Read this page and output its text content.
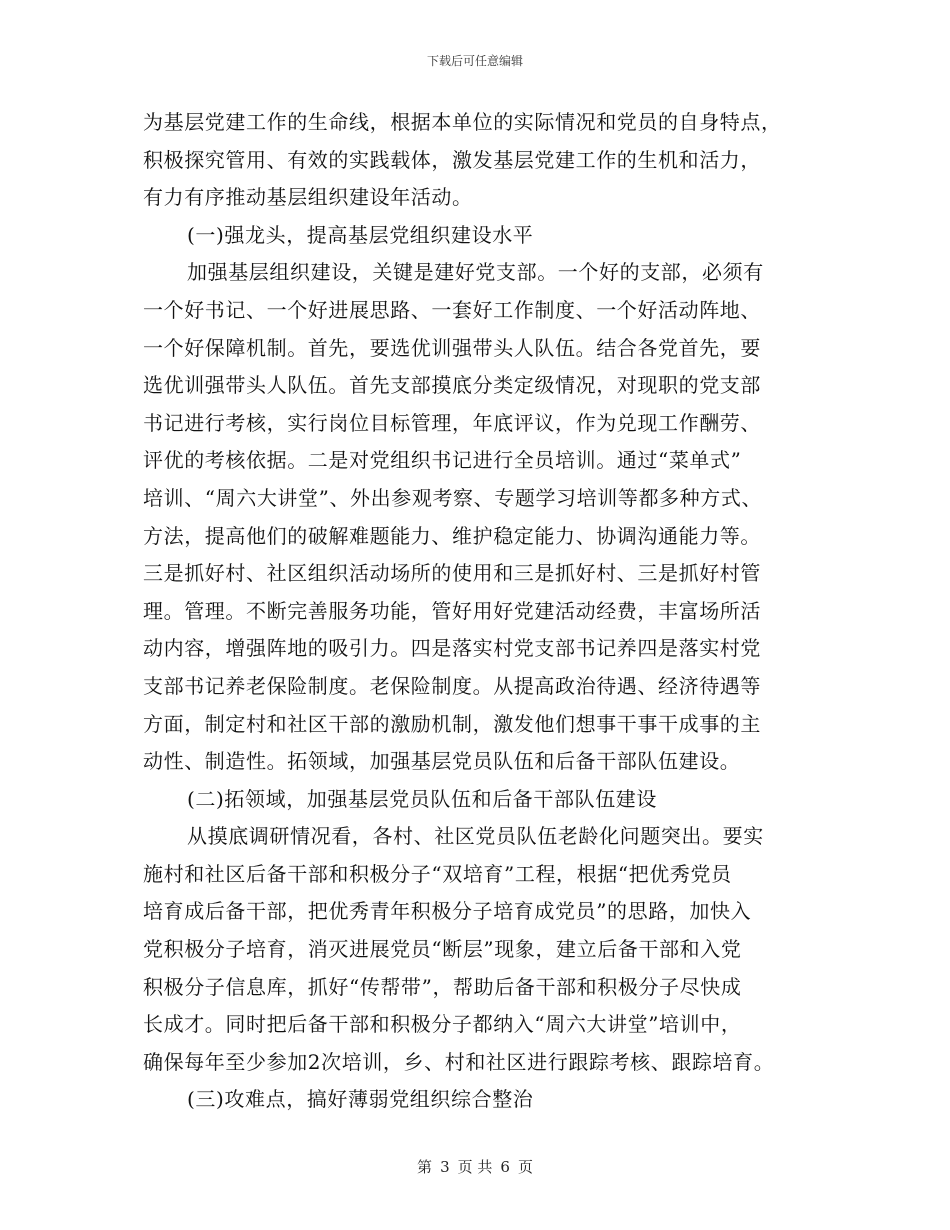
下载后可任意编辑
为基层党建工作的生命线，根据本单位的实际情况和党员的自身特点，
积极探究管用、有效的实践载体，激发基层党建工作的生机和活力，
有力有序推动基层组织建设年活动。
(一)强龙头，提高基层党组织建设水平
加强基层组织建设，关键是建好党支部。一个好的支部，必须有
一个好书记、一个好进展思路、一套好工作制度、一个好活动阵地、
一个好保障机制。首先，要选优训强带头人队伍。结合各党首先，要
选优训强带头人队伍。首先支部摸底分类定级情况，对现职的党支部
书记进行考核，实行岗位目标管理，年底评议，作为兑现工作酬劳、
评优的考核依据。二是对党组织书记进行全员培训。通过“菜单式”
培训、“周六大讲堂”、外出参观考察、专题学习培训等都多种方式、
方法，提高他们的破解难题能力、维护稳定能力、协调沟通能力等。
三是抓好村、社区组织活动场所的使用和三是抓好村、三是抓好村管
理。管理。不断完善服务功能，管好用好党建活动经费，丰富场所活
动内容，增强阵地的吸引力。四是落实村党支部书记养四是落实村党
支部书记养老保险制度。老保险制度。从提高政治待遇、经济待遇等
方面，制定村和社区干部的激励机制，激发他们想事干事干成事的主
动性、制造性。拓领域，加强基层党员队伍和后备干部队伍建设。
(二)拓领域，加强基层党员队伍和后备干部队伍建设
从摸底调研情况看，各村、社区党员队伍老龄化问题突出。要实
施村和社区后备干部和积极分子“双培育”工程，根据“把优秀党员
培育成后备干部，把优秀青年积极分子培育成党员”的思路，加快入
党积极分子培育，消灭进展党员“断层”现象，建立后备干部和入党
积极分子信息库，抓好“传帮带”，帮助后备干部和积极分子尽快成
长成才。同时把后备干部和积极分子都纳入“周六大讲堂”培训中，
确保每年至少参加2次培训，乡、村和社区进行跟踪考核、跟踪培育。
(三)攻难点，搞好薄弱党组织综合整治
第 3 页 共 6 页
